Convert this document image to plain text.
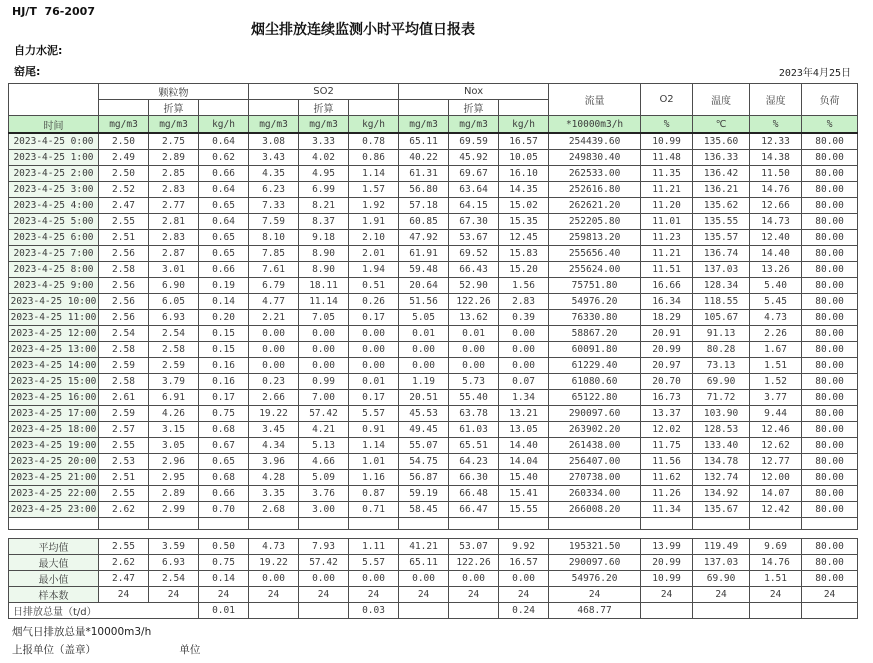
HJ/T  76-2007
烟尘排放连续监测小时平均值日报表
自力水泥:
窑尾:	2023年4月25日
	颗粒物			SO2			Nox			流量	O2	温度	湿度	负荷
		折算			折算			折算						
时间	mg/m3	mg/m3	kg/h	mg/m3	mg/m3	kg/h	mg/m3	mg/m3	kg/h	*10000m3/h	%	℃	%	%
2023-4-25 0:00	2.50	2.75	0.64	3.08	3.33	0.78	65.11	69.59	16.57	254439.60	10.99	135.60	12.33	80.00
2023-4-25 1:00	2.49	2.89	0.62	3.43	4.02	0.86	40.22	45.92	10.05	249830.40	11.48	136.33	14.38	80.00
2023-4-25 2:00	2.50	2.85	0.66	4.35	4.95	1.14	61.31	69.67	16.10	262533.00	11.35	136.42	11.50	80.00
2023-4-25 3:00	2.52	2.83	0.64	6.23	6.99	1.57	56.80	63.64	14.35	252616.80	11.21	136.21	14.76	80.00
2023-4-25 4:00	2.47	2.77	0.65	7.33	8.21	1.92	57.18	64.15	15.02	262621.20	11.20	135.62	12.66	80.00
2023-4-25 5:00	2.55	2.81	0.64	7.59	8.37	1.91	60.85	67.30	15.35	252205.80	11.01	135.55	14.73	80.00
2023-4-25 6:00	2.51	2.83	0.65	8.10	9.18	2.10	47.92	53.67	12.45	259813.20	11.23	135.57	12.40	80.00
2023-4-25 7:00	2.56	2.87	0.65	7.85	8.90	2.01	61.91	69.52	15.83	255656.40	11.21	136.74	14.40	80.00
2023-4-25 8:00	2.58	3.01	0.66	7.61	8.90	1.94	59.48	66.43	15.20	255624.00	11.51	137.03	13.26	80.00
2023-4-25 9:00	2.56	6.90	0.19	6.79	18.11	0.51	20.64	52.90	1.56	75751.80	16.66	128.34	5.40	80.00
2023-4-25 10:00	2.56	6.05	0.14	4.77	11.14	0.26	51.56	122.26	2.83	54976.20	16.34	118.55	5.45	80.00
2023-4-25 11:00	2.56	6.93	0.20	2.21	7.05	0.17	5.05	13.62	0.39	76330.80	18.29	105.67	4.73	80.00
2023-4-25 12:00	2.54	2.54	0.15	0.00	0.00	0.00	0.01	0.01	0.00	58867.20	20.91	91.13	2.26	80.00
2023-4-25 13:00	2.58	2.58	0.15	0.00	0.00	0.00	0.00	0.00	0.00	60091.80	20.99	80.28	1.67	80.00
2023-4-25 14:00	2.59	2.59	0.16	0.00	0.00	0.00	0.00	0.00	0.00	61229.40	20.97	73.13	1.51	80.00
2023-4-25 15:00	2.58	3.79	0.16	0.23	0.99	0.01	1.19	5.73	0.07	61080.60	20.70	69.90	1.52	80.00
2023-4-25 16:00	2.61	6.91	0.17	2.66	7.00	0.17	20.51	55.40	1.34	65122.80	16.73	71.72	3.77	80.00
2023-4-25 17:00	2.59	4.26	0.75	19.22	57.42	5.57	45.53	63.78	13.21	290097.60	13.37	103.90	9.44	80.00
2023-4-25 18:00	2.57	3.15	0.68	3.45	4.21	0.91	49.45	61.03	13.05	263902.20	12.02	128.53	12.46	80.00
2023-4-25 19:00	2.55	3.05	0.67	4.34	5.13	1.14	55.07	65.51	14.40	261438.00	11.75	133.40	12.62	80.00
2023-4-25 20:00	2.53	2.96	0.65	3.96	4.66	1.01	54.75	64.23	14.04	256407.00	11.56	134.78	12.77	80.00
2023-4-25 21:00	2.51	2.95	0.68	4.28	5.09	1.16	56.87	66.30	15.40	270738.00	11.62	132.74	12.00	80.00
2023-4-25 22:00	2.55	2.89	0.66	3.35	3.76	0.87	59.19	66.48	15.41	260334.00	11.26	134.92	14.07	80.00
2023-4-25 23:00	2.62	2.99	0.70	2.68	3.00	0.71	58.45	66.47	15.55	266008.20	11.34	135.67	12.42	80.00

平均值	2.55	3.59	0.50	4.73	7.93	1.11	41.21	53.07	9.92	195321.50	13.99	119.49	9.69	80.00
最大值	2.62	6.93	0.75	19.22	57.42	5.57	65.11	122.26	16.57	290097.60	20.99	137.03	14.76	80.00
最小值	2.47	2.54	0.14	0.00	0.00	0.00	0.00	0.00	0.00	54976.20	10.99	69.90	1.51	80.00
样本数	24	24	24	24	24	24	24	24	24	24	24	24	24	24
日排放总量（t/d）			0.01			0.03			0.24	468.77				
烟气日排放总量*10000m3/h
上报单位（盖章）	单位
